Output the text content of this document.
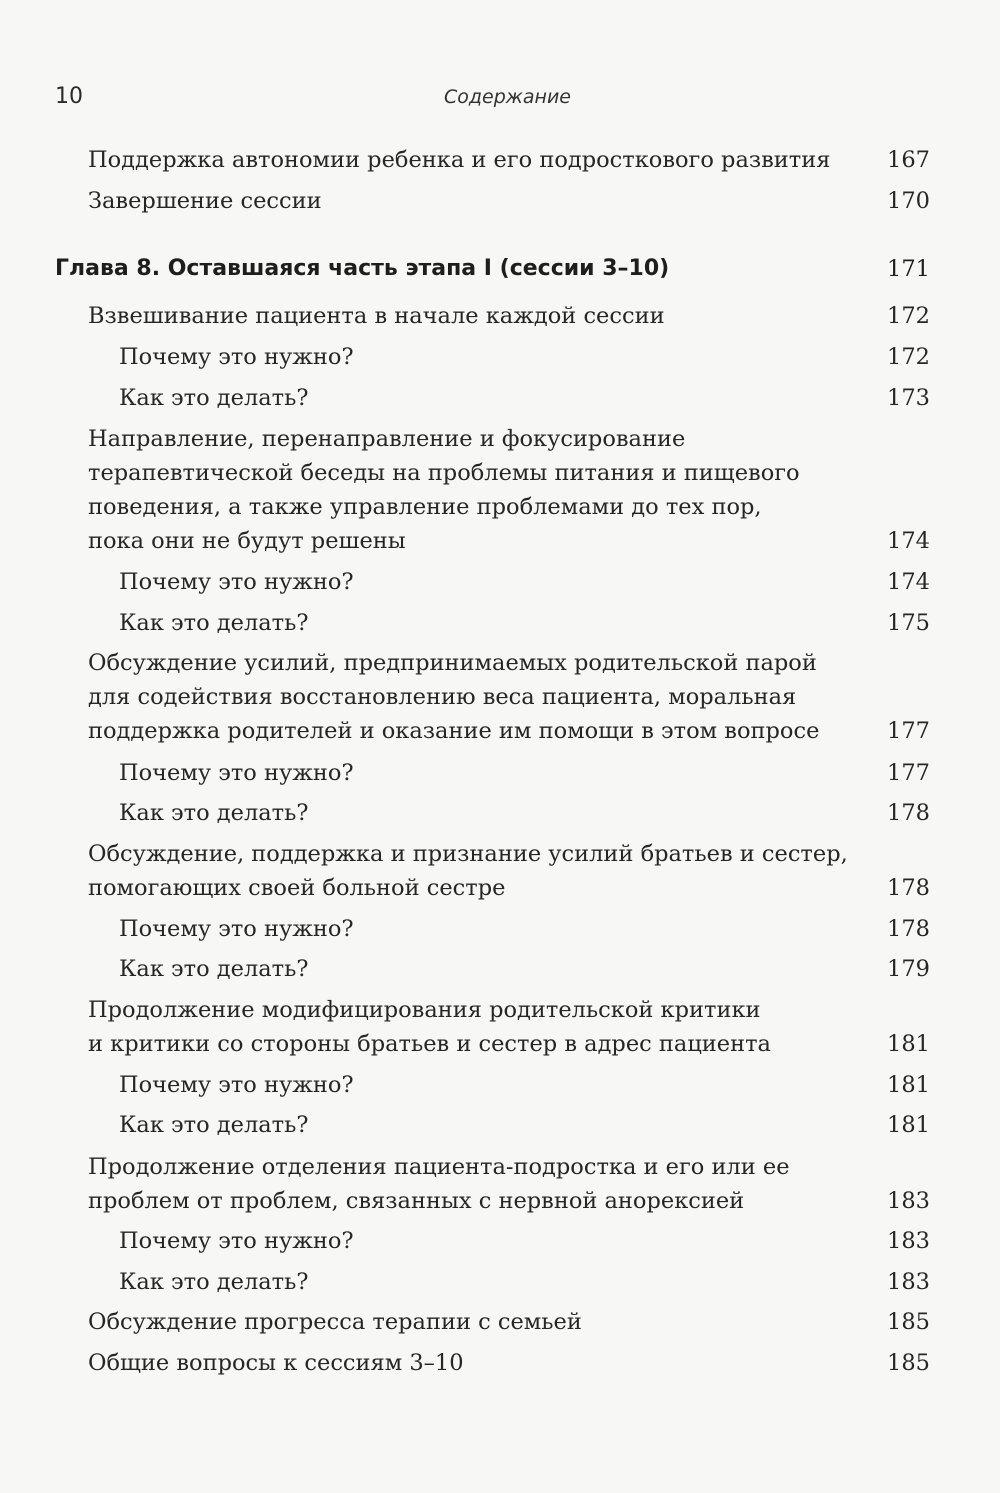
10	Содержание
Поддержка автономии ребенка и его подросткового развития	167
Завершение сессии	170
Глава 8. Оставшаяся часть этапа I (сессии 3–10)	171
Взвешивание пациента в начале каждой сессии	172
Почему это нужно?	172
Как это делать?	173
Направление, перенаправление и фокусирование
терапевтической беседы на проблемы питания и пищевого
поведения, а также управление проблемами до тех пор,
пока они не будут решены	174
Почему это нужно?	174
Как это делать?	175
Обсуждение усилий, предпринимаемых родительской парой
для содействия восстановлению веса пациента, моральная
поддержка родителей и оказание им помощи в этом вопросе	177
Почему это нужно?	177
Как это делать?	178
Обсуждение, поддержка и признание усилий братьев и сестер,
помогающих своей больной сестре	178
Почему это нужно?	178
Как это делать?	179
Продолжение модифицирования родительской критики
и критики со стороны братьев и сестер в адрес пациента	181
Почему это нужно?	181
Как это делать?	181
Продолжение отделения пациента-подростка и его или ее
проблем от проблем, связанных с нервной анорексией	183
Почему это нужно?	183
Как это делать?	183
Обсуждение прогресса терапии с семьей	185
Общие вопросы к сессиям 3–10	185
